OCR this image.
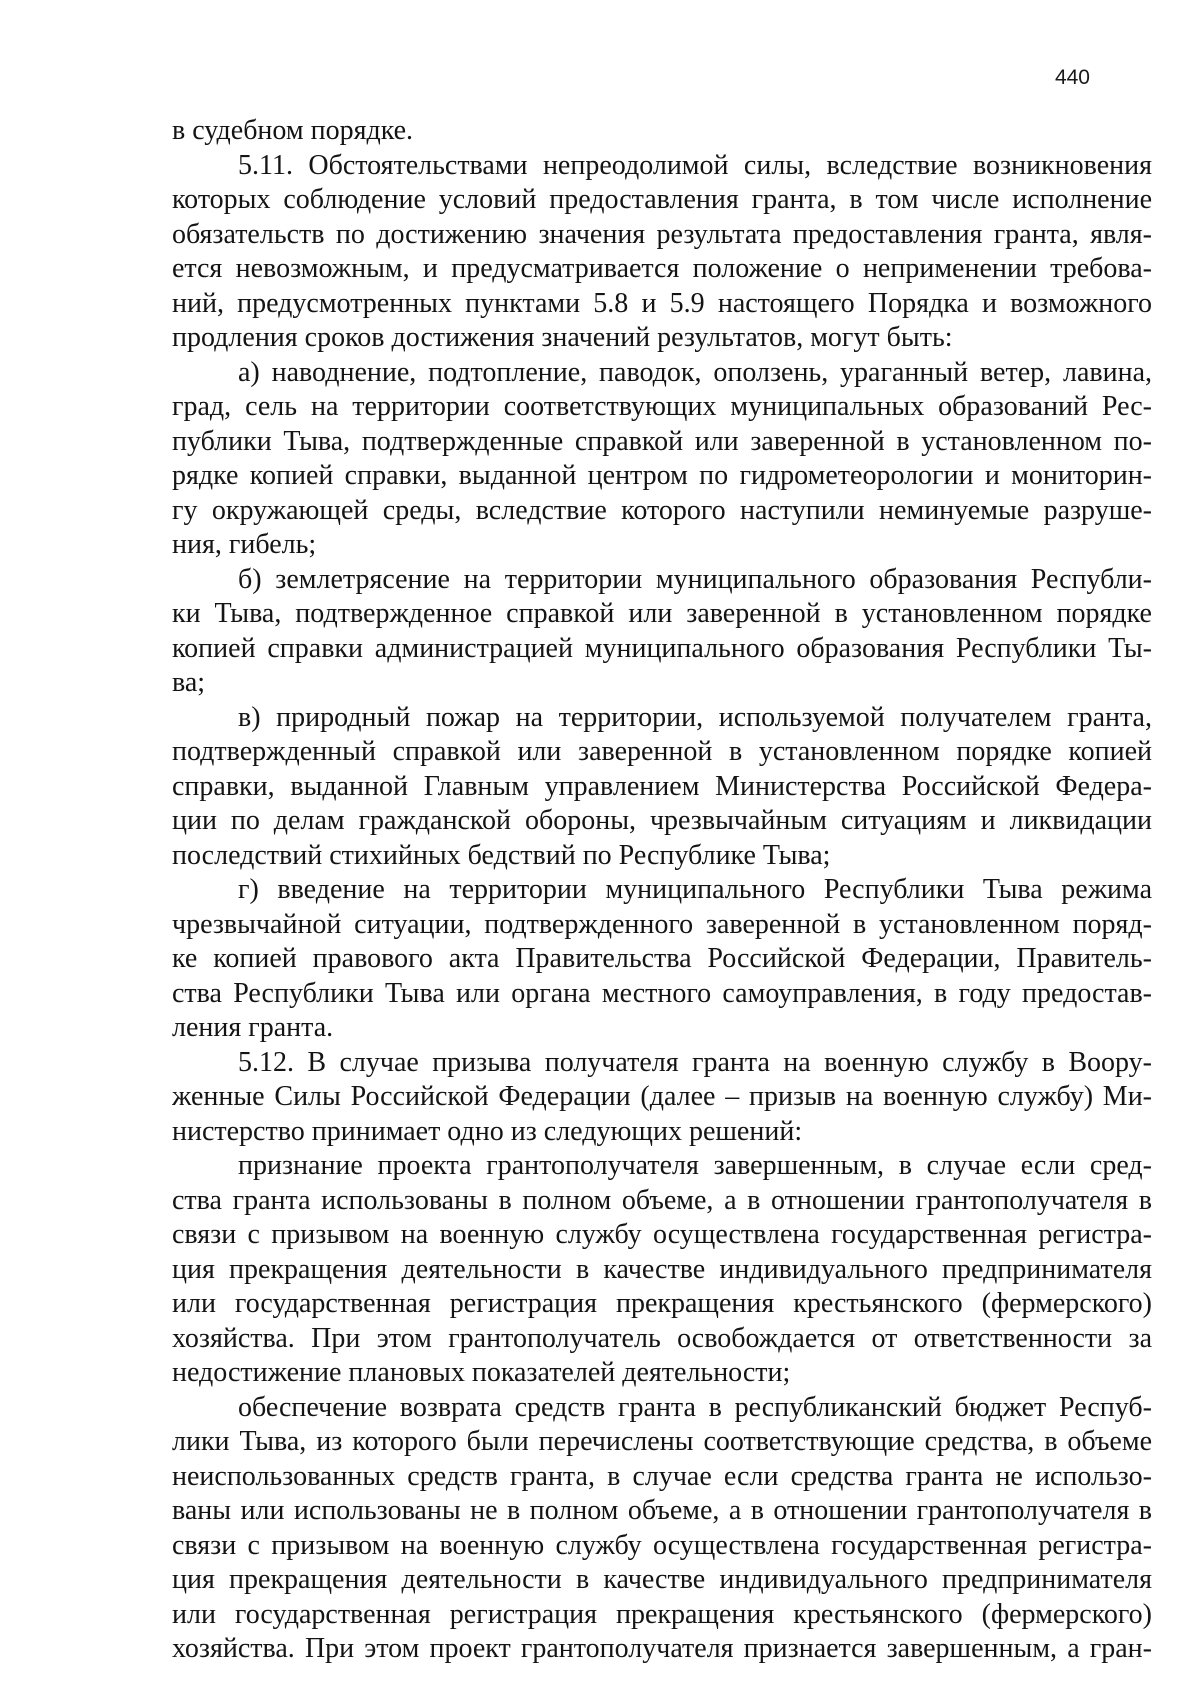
440
в судебном порядке.
5.11. Обстоятельствами непреодолимой силы, вследствие возникновения
которых соблюдение условий предоставления гранта, в том числе исполнение
обязательств по достижению значения результата предоставления гранта, явля-
ется невозможным, и предусматривается положение о неприменении требова-
ний, предусмотренных пунктами 5.8 и 5.9 настоящего Порядка и возможного
продления сроков достижения значений результатов, могут быть:
а) наводнение, подтопление, паводок, оползень, ураганный ветер, лавина,
град, сель на территории соответствующих муниципальных образований Рес-
публики Тыва, подтвержденные справкой или заверенной в установленном по-
рядке копией справки, выданной центром по гидрометеорологии и мониторин-
гу окружающей среды, вследствие которого наступили неминуемые разруше-
ния, гибель;
б) землетрясение на территории муниципального образования Республи-
ки Тыва, подтвержденное справкой или заверенной в установленном порядке
копией справки администрацией муниципального образования Республики Ты-
ва;
в) природный пожар на территории, используемой получателем гранта,
подтвержденный справкой или заверенной в установленном порядке копией
справки, выданной Главным управлением Министерства Российской Федера-
ции по делам гражданской обороны, чрезвычайным ситуациям и ликвидации
последствий стихийных бедствий по Республике Тыва;
г) введение на территории муниципального Республики Тыва режима
чрезвычайной ситуации, подтвержденного заверенной в установленном поряд-
ке копией правового акта Правительства Российской Федерации, Правитель-
ства Республики Тыва или органа местного самоуправления, в году предостав-
ления гранта.
5.12. В случае призыва получателя гранта на военную службу в Воору-
женные Силы Российской Федерации (далее – призыв на военную службу) Ми-
нистерство принимает одно из следующих решений:
признание проекта грантополучателя завершенным, в случае если сред-
ства гранта использованы в полном объеме, а в отношении грантополучателя в
связи с призывом на военную службу осуществлена государственная регистра-
ция прекращения деятельности в качестве индивидуального предпринимателя
или государственная регистрация прекращения крестьянского (фермерского)
хозяйства. При этом грантополучатель освобождается от ответственности за
недостижение плановых показателей деятельности;
обеспечение возврата средств гранта в республиканский бюджет Респуб-
лики Тыва, из которого были перечислены соответствующие средства, в объеме
неиспользованных средств гранта, в случае если средства гранта не использо-
ваны или использованы не в полном объеме, а в отношении грантополучателя в
связи с призывом на военную службу осуществлена государственная регистра-
ция прекращения деятельности в качестве индивидуального предпринимателя
или государственная регистрация прекращения крестьянского (фермерского)
хозяйства. При этом проект грантополучателя признается завершенным, а гран-
